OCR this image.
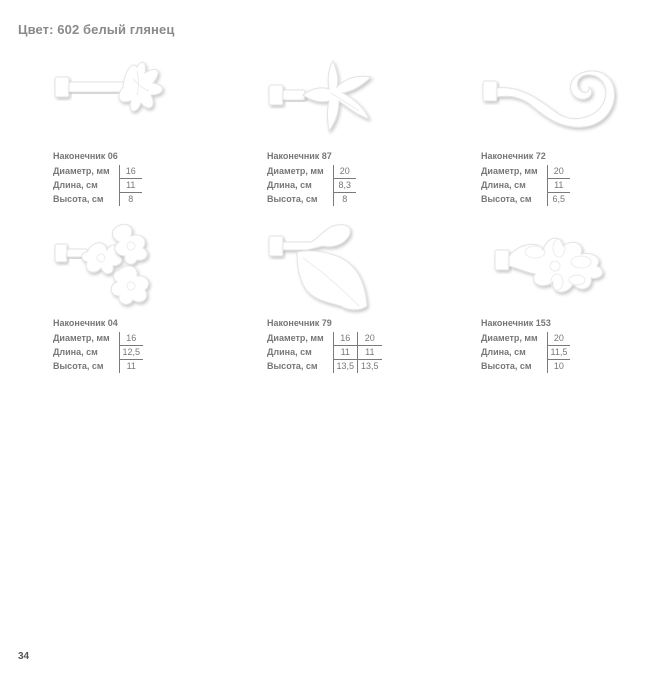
Цвет: 602 белый глянец
Наконечник 06
Диаметр, мм	16
Длина, см	11
Высота, см	8
Наконечник 87
Диаметр, мм	20
Длина, см	8,3
Высота, см	8
Наконечник 72
Диаметр, мм	20
Длина, см	11
Высота, см	6,5
Наконечник 04
Диаметр, мм	16
Длина, см	12,5
Высота, см	11
Наконечник 79
Диаметр, мм	16	20
Длина, см	11	11
Высота, см	13,5	13,5
Наконечник 153
Диаметр, мм	20
Длина, см	11,5
Высота, см	10
34
